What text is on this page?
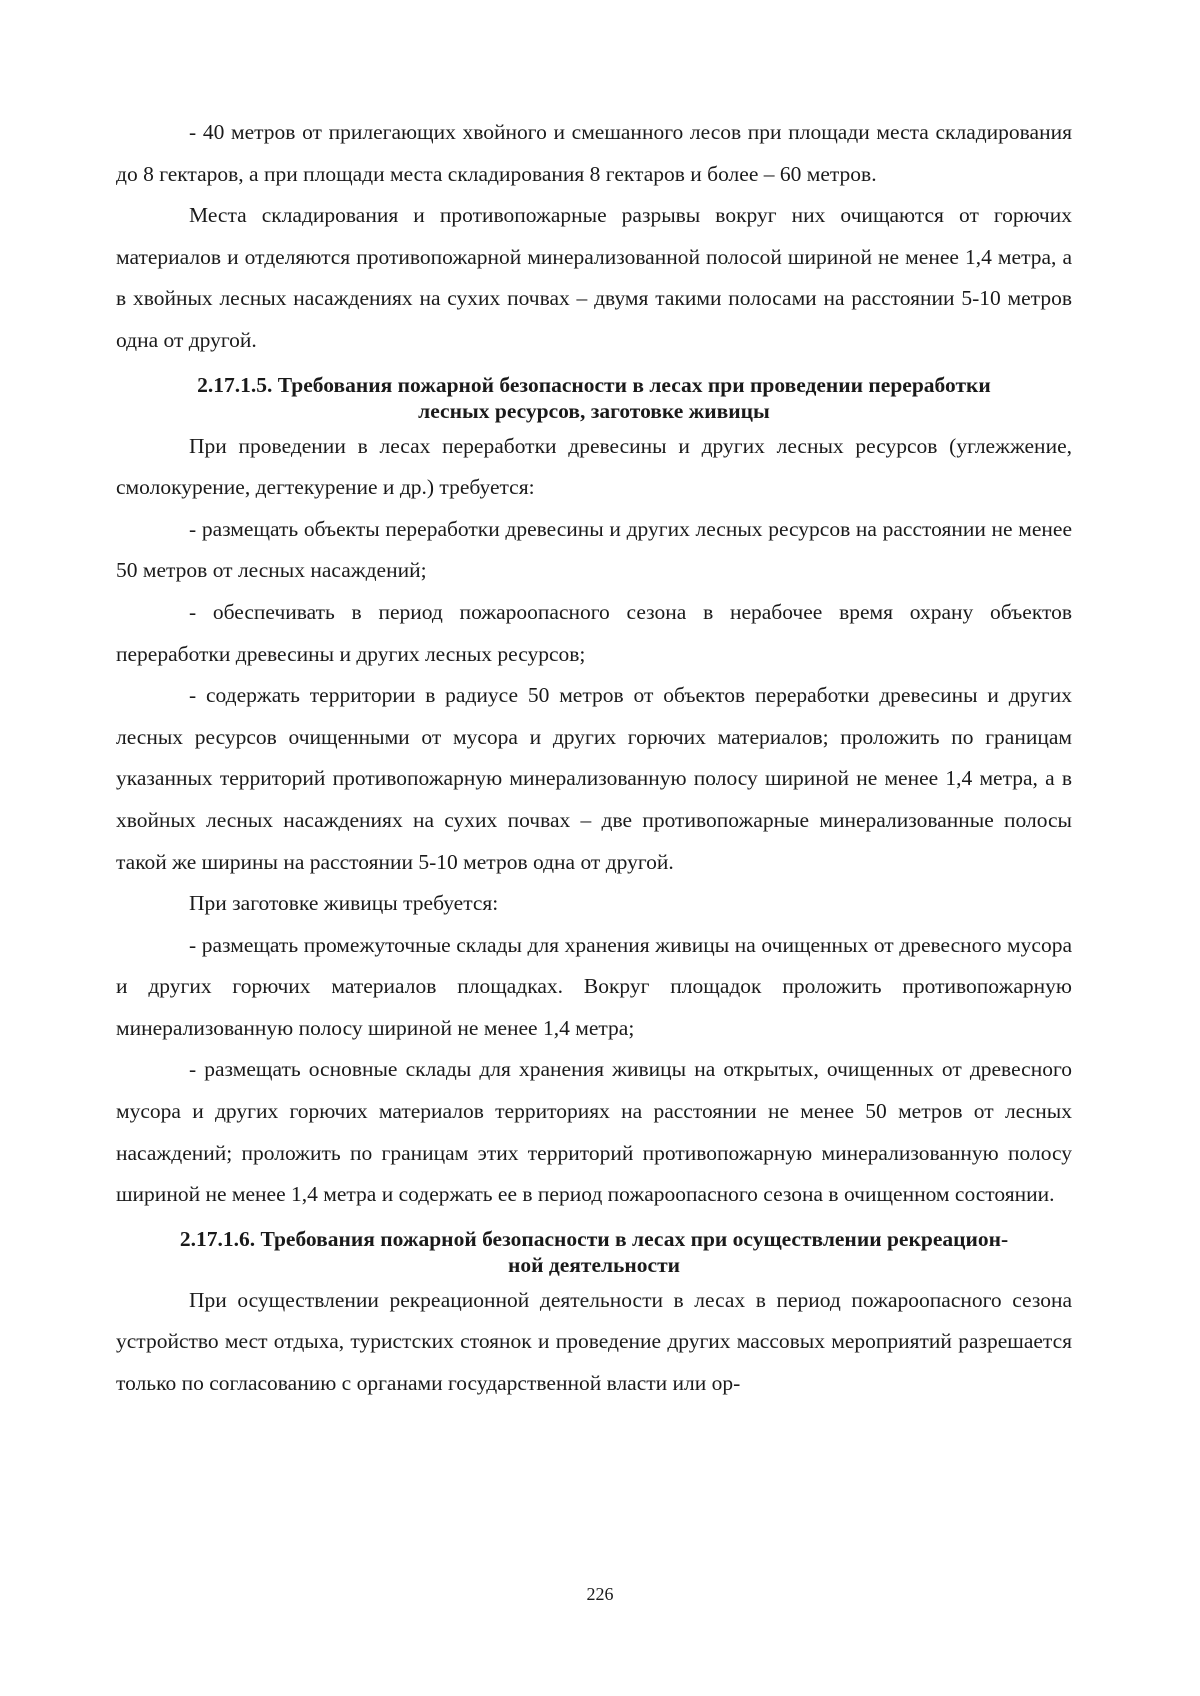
- 40 метров от прилегающих хвойного и смешанного лесов при площади места складирования до 8 гектаров, а при площади места складирования 8 гектаров и более – 60 метров.

Места складирования и противопожарные разрывы вокруг них очищаются от горючих материалов и отделяются противопожарной минерализованной полосой шириной не менее 1,4 метра, а в хвойных лесных насаждениях на сухих почвах – двумя такими полосами на расстоянии 5-10 метров одна от другой.

2.17.1.5. Требования пожарной безопасности в лесах при проведении переработки
лесных ресурсов, заготовке живицы

При проведении в лесах переработки древесины и других лесных ресурсов (углежжение, смолокурение, дегтекурение и др.) требуется:

- размещать объекты переработки древесины и других лесных ресурсов на расстоянии не менее 50 метров от лесных насаждений;

- обеспечивать в период пожароопасного сезона в нерабочее время охрану объектов переработки древесины и других лесных ресурсов;

- содержать территории в радиусе 50 метров от объектов переработки древесины и других лесных ресурсов очищенными от мусора и других горючих материалов; проложить по границам указанных территорий противопожарную минерализованную полосу шириной не менее 1,4 метра, а в хвойных лесных насаждениях на сухих почвах – две противопожарные минерализованные полосы такой же ширины на расстоянии 5-10 метров одна от другой.

При заготовке живицы требуется:

- размещать промежуточные склады для хранения живицы на очищенных от древесного мусора и других горючих материалов площадках. Вокруг площадок проложить противопожарную минерализованную полосу шириной не менее 1,4 метра;

- размещать основные склады для хранения живицы на открытых, очищенных от древесного мусора и других горючих материалов территориях на расстоянии не менее 50 метров от лесных насаждений; проложить по границам этих территорий противопожарную минерализованную полосу шириной не менее 1,4 метра и содержать ее в период пожароопасного сезона в очищенном состоянии.

2.17.1.6. Требования пожарной безопасности в лесах при осуществлении рекреацион-
ной деятельности

При осуществлении рекреационной деятельности в лесах в период пожароопасного сезона устройство мест отдыха, туристских стоянок и проведение других массовых мероприятий разрешается только по согласованию с органами государственной власти или ор-

226
